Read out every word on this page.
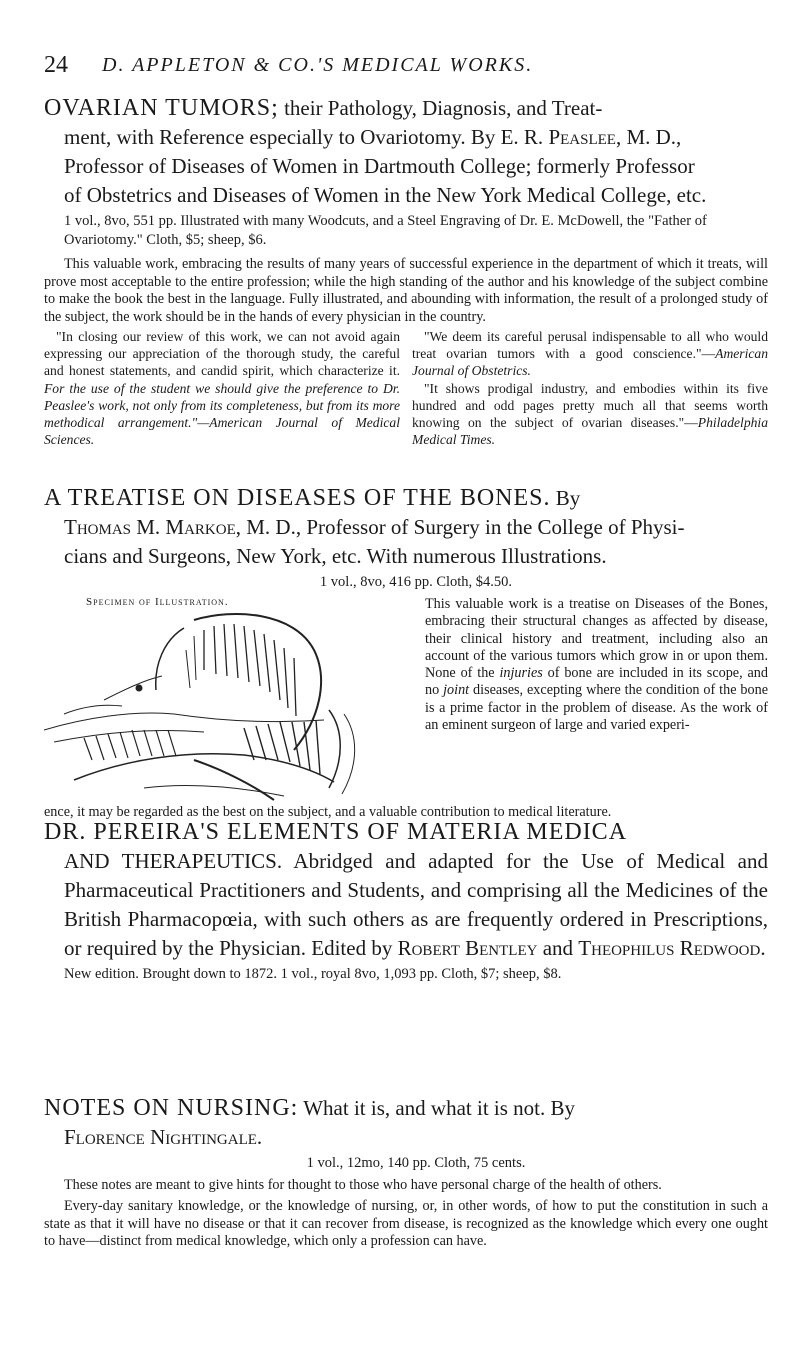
24 D. APPLETON & CO.'S MEDICAL WORKS.
OVARIAN TUMORS; their Pathology, Diagnosis, and Treat-
ment, with Reference especially to Ovariotomy. By E. R. Peaslee, M. D.,
Professor of Diseases of Women in Dartmouth College; formerly Professor
of Obstetrics and Diseases of Women in the New York Medical College, etc.
1 vol., 8vo, 551 pp. Illustrated with many Woodcuts, and a Steel Engraving of Dr. E. McDowell, the "Father of Ovariotomy." Cloth, $5; sheep, $6.
This valuable work, embracing the results of many years of successful experience in the department of which it treats, will prove most acceptable to the entire profession; while the high standing of the author and his knowledge of the subject combine to make the book the best in the language. Fully illustrated, and abounding with information, the result of a prolonged study of the subject, the work should be in the hands of every physician in the country.

"In closing our review of this work, we can not avoid again expressing our appreciation of the thorough study, the careful and honest statements, and candid spirit, which characterize it. For the use of the student we should give the preference to Dr. Peaslee's work, not only from its completeness, but from its more methodical arrangement."—American Journal of Medical Sciences.

"We deem its careful perusal indispensable to all who would treat ovarian tumors with a good conscience."—American Journal of Obstetrics.

"It shows prodigal industry, and embodies within its five hundred and odd pages pretty much all that seems worth knowing on the subject of ovarian diseases."—Philadelphia Medical Times.

A TREATISE ON DISEASES OF THE BONES. By
Thomas M. Markoe, M. D., Professor of Surgery in the College of Physi-
cians and Surgeons, New York, etc. With numerous Illustrations.
1 vol., 8vo, 416 pp. Cloth, $4.50.
Specimen of Illustration.	This valuable work is a treatise on Diseases of the Bones, embracing their structural changes as affected by disease, their clinical history and treatment, including also an account of the various tumors which grow in or upon them. None of the injuries of bone are included in its scope, and no joint diseases, excepting where the condition of the bone is a prime factor in the problem of disease. As the work of an eminent surgeon of large and varied experi-
ence, it may be regarded as the best on the subject, and a valuable contribution to medical literature.
DR. PEREIRA'S ELEMENTS OF MATERIA MEDICA
AND THERAPEUTICS. Abridged and adapted for the Use of Medical and Pharmaceutical Practitioners and Students, and comprising all the Medicines of the British Pharmacopœia, with such others as are frequently ordered in Prescriptions, or required by the Physician. Edited by Robert Bentley and Theophilus Redwood.
New edition. Brought down to 1872. 1 vol., royal 8vo, 1,093 pp. Cloth, $7; sheep, $8.
NOTES ON NURSING: What it is, and what it is not. By
Florence Nightingale.
1 vol., 12mo, 140 pp. Cloth, 75 cents.
These notes are meant to give hints for thought to those who have personal charge of the health of others.
Every-day sanitary knowledge, or the knowledge of nursing, or, in other words, of how to put the constitution in such a state as that it will have no disease or that it can recover from disease, is recognized as the knowledge which every one ought to have—distinct from medical knowledge, which only a profession can have.
